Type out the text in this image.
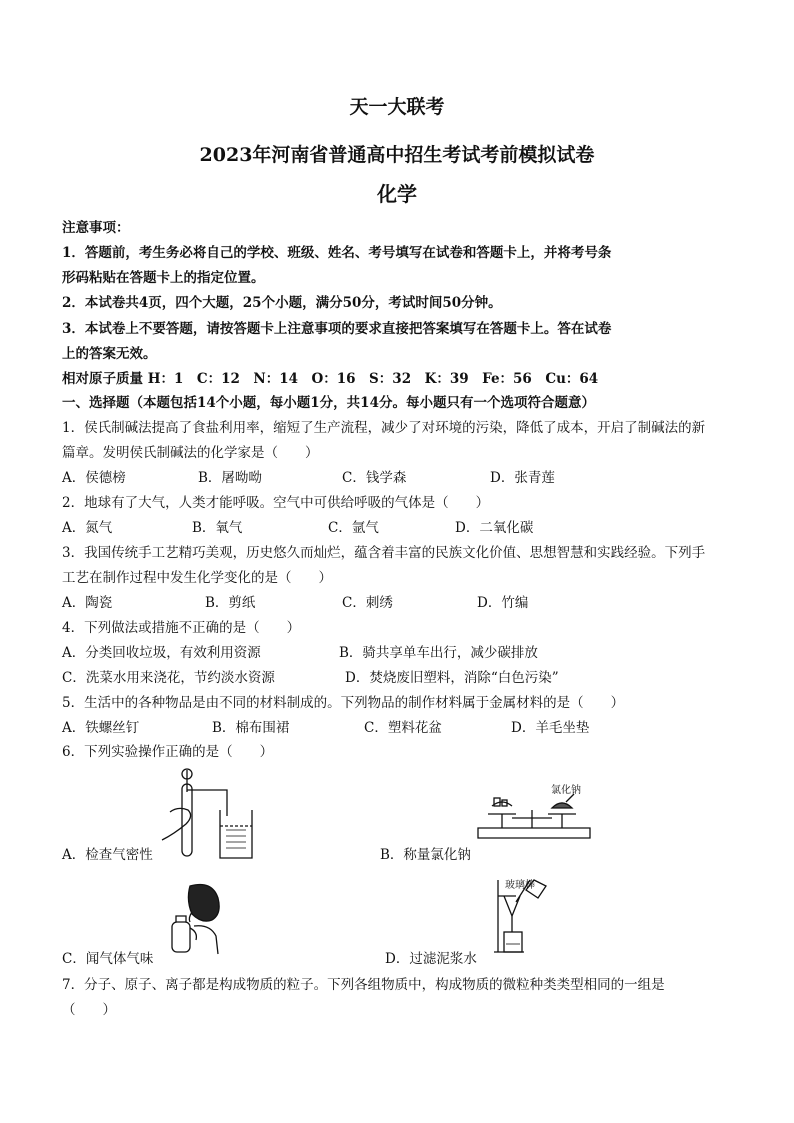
天一大联考
2023年河南省普通高中招生考试考前模拟试卷
化学
注意事项：
1．答题前，考生务必将自己的学校、班级、姓名、考号填写在试卷和答题卡上，并将考号条
形码粘贴在答题卡上的指定位置。
2．本试卷共4页，四个大题，25个小题，满分50分，考试时间50分钟。
3．本试卷上不要答题，请按答题卡上注意事项的要求直接把答案填写在答题卡上。答在试卷
上的答案无效。
相对原子质量 H：1　C：12　N：14　O：16　S：32　K：39　Fe：56　Cu：64
一、选择题（本题包括14个小题，每小题1分，共14分。每小题只有一个选项符合题意）
1．侯氏制碱法提高了食盐利用率，缩短了生产流程，减少了对环境的污染，降低了成本，开启了制碱法的新
篇章。发明侯氏制碱法的化学家是（　　）
A．侯德榜	B．屠呦呦	C．钱学森	D．张青莲
2．地球有了大气，人类才能呼吸。空气中可供给呼吸的气体是（　　）
A．氮气	B．氧气	C．氩气	D．二氧化碳
3．我国传统手工艺精巧美观，历史悠久而灿烂，蕴含着丰富的民族文化价值、思想智慧和实践经验。下列手
工艺在制作过程中发生化学变化的是（　　）
A．陶瓷	B．剪纸	C．刺绣	D．竹编
4．下列做法或措施不正确的是（　　）
A．分类回收垃圾，有效利用资源	B．骑共享单车出行，减少碳排放
C．洗菜水用来浇花，节约淡水资源	D．焚烧废旧塑料，消除“白色污染”
5．生活中的各种物品是由不同的材料制成的。下列物品的制作材料属于金属材料的是（　　）
A．铁螺丝钉	B．棉布围裙	C．塑料花盆	D．羊毛坐垫
6．下列实验操作正确的是（　　）
A．检查气密性
氯化钠
B．称量氯化钠
C．闻气体气味
玻璃棒
D．过滤泥浆水
7．分子、原子、离子都是构成物质的粒子。下列各组物质中，构成物质的微粒种类类型相同的一组是
（　　）
